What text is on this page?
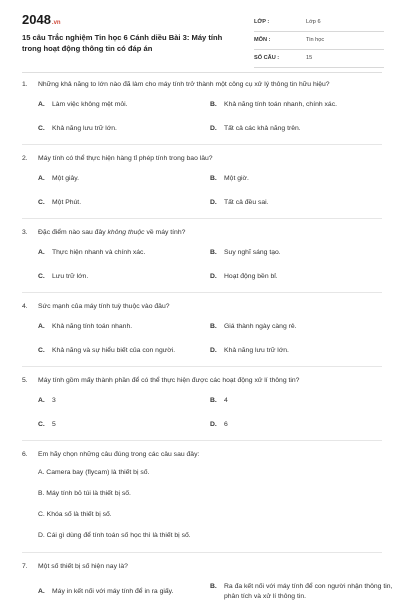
2048.vn
15 câu Trắc nghiệm Tin học 6 Cánh diều Bài 3: Máy tính trong hoạt động thông tin có đáp án
LỚP :	Lớp 6
MÔN :	Tin học
SỐ CÂU :	15
1.	Những khả năng to lớn nào đã làm cho máy tính trở thành một công cụ xử lý thông tin hữu hiệu?
A.	Làm việc không mệt mỏi.	B.	Khả năng tính toán nhanh, chính xác.
C.	Khả năng lưu trữ lớn.	D.	Tất cả các khả năng trên.
2.	Máy tính có thể thực hiện hàng tỉ phép tính trong bao lâu?
A.	Một giây.	B.	Một giờ.
C.	Một Phút.	D.	Tất cả đều sai.
3.	Đặc điểm nào sau đây không thuộc về máy tính?
A.	Thực hiện nhanh và chính xác.	B.	Suy nghĩ sáng tạo.
C.	Lưu trữ lớn.	D.	Hoạt động bền bỉ.
4.	Sức mạnh của máy tính tuỳ thuộc vào đâu?
A.	Khả năng tính toán nhanh.	B.	Giá thành ngày càng rẻ.
C.	Khả năng và sự hiểu biết của con người.	D.	Khả năng lưu trữ lớn.
5.	Máy tính gồm mấy thành phần để có thể thực hiện được các hoạt động xử lí thông tin?
A.	3	B.	4
C.	5	D.	6
6.	Em hãy chọn những câu đúng trong các câu sau đây:
A. Camera bay (flycam) là thiết bị số.
B. Máy tính bỏ túi là thiết bị số.
C. Khóa số là thiết bị số.
D. Cái gì dùng để tính toán số học thì là thiết bị số.
7.	Một số thiết bị số hiện nay là?
A.	Máy in kết nối với máy tính để in ra giấy.
B.	Ra đa kết nối với máy tính để con người nhận thông tin, phân tích và xử lí thông tin.
